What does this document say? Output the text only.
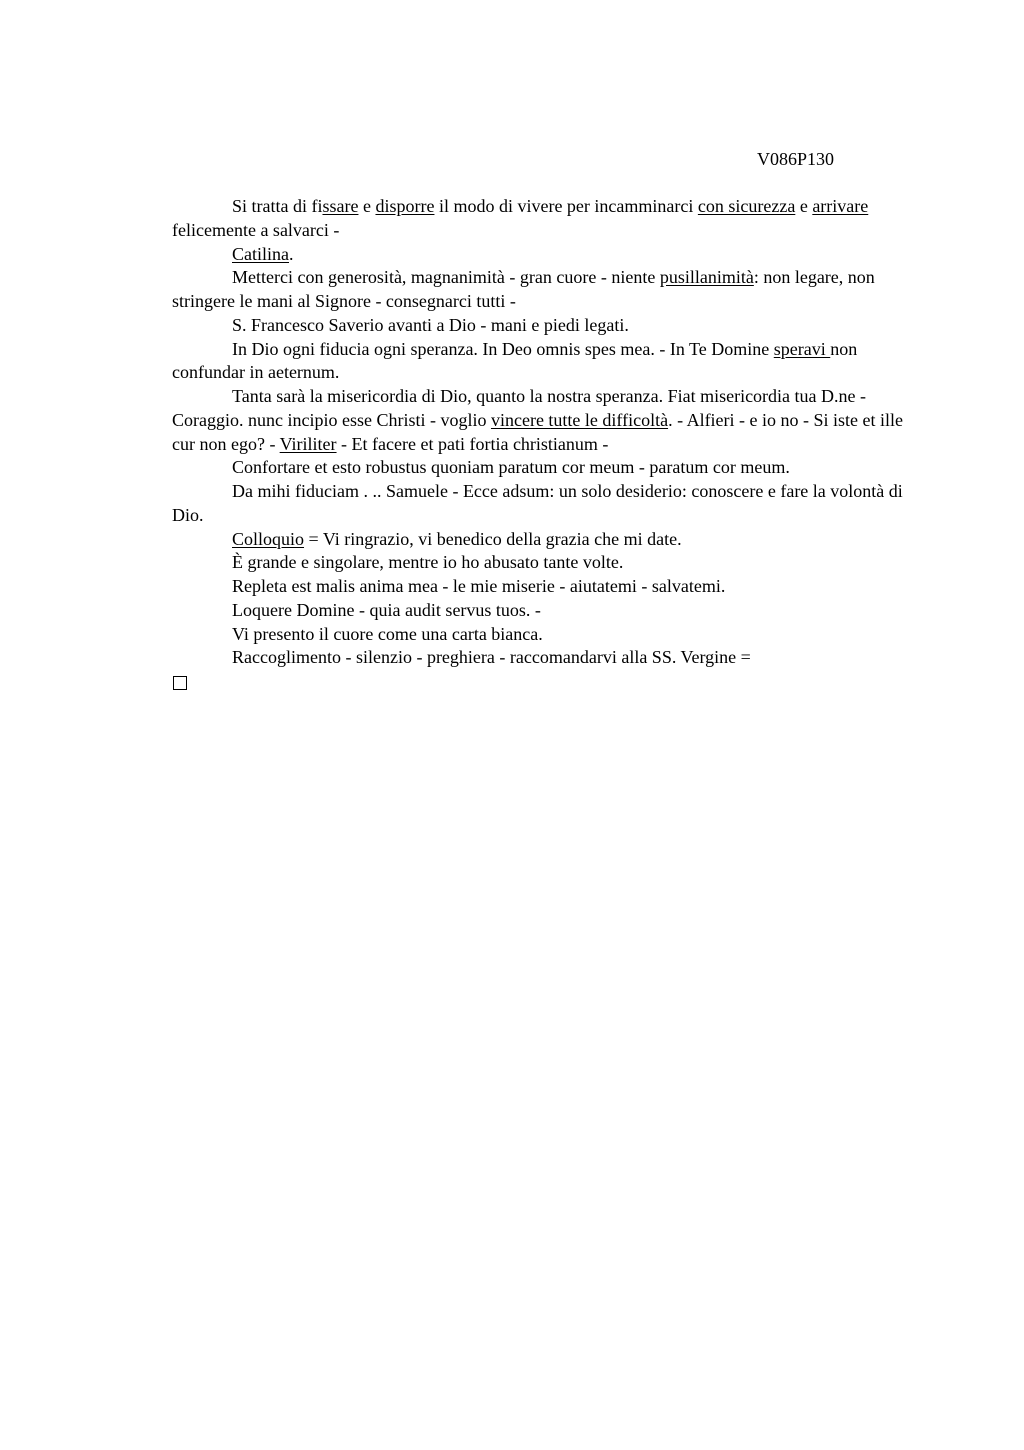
V086P130

Si tratta di fissare e disporre il modo di vivere per incamminarci con sicurezza e arrivare felicemente a salvarci -

Catilina.

Metterci con generosità, magnanimità - gran cuore - niente pusillanimità: non legare, non stringere le mani al Signore - consegnarci tutti -

S. Francesco Saverio avanti a Dio - mani e piedi legati.

In Dio ogni fiducia ogni speranza. In Deo omnis spes mea. - In Te Domine speravi non confundar in aeternum.

Tanta sarà la misericordia di Dio, quanto la nostra speranza. Fiat misericordia tua D.ne - Coraggio. nunc incipio esse Christi - voglio vincere tutte le difficoltà. - Alfieri - e io no - Si iste et ille cur non ego? - Viriliter - Et facere et pati fortia christianum -

Confortare et esto robustus quoniam paratum cor meum - paratum cor meum.

Da mihi fiduciam . .. Samuele - Ecce adsum: un solo desiderio: conoscere e fare la volontà di Dio.

Colloquio = Vi ringrazio, vi benedico della grazia che mi date.

È grande e singolare, mentre io ho abusato tante volte.

Repleta est malis anima mea - le mie miserie - aiutatemi - salvatemi.

Loquere Domine - quia audit servus tuos. -

Vi presento il cuore come una carta bianca.

Raccoglimento - silenzio - preghiera - raccomandarvi alla SS. Vergine =
